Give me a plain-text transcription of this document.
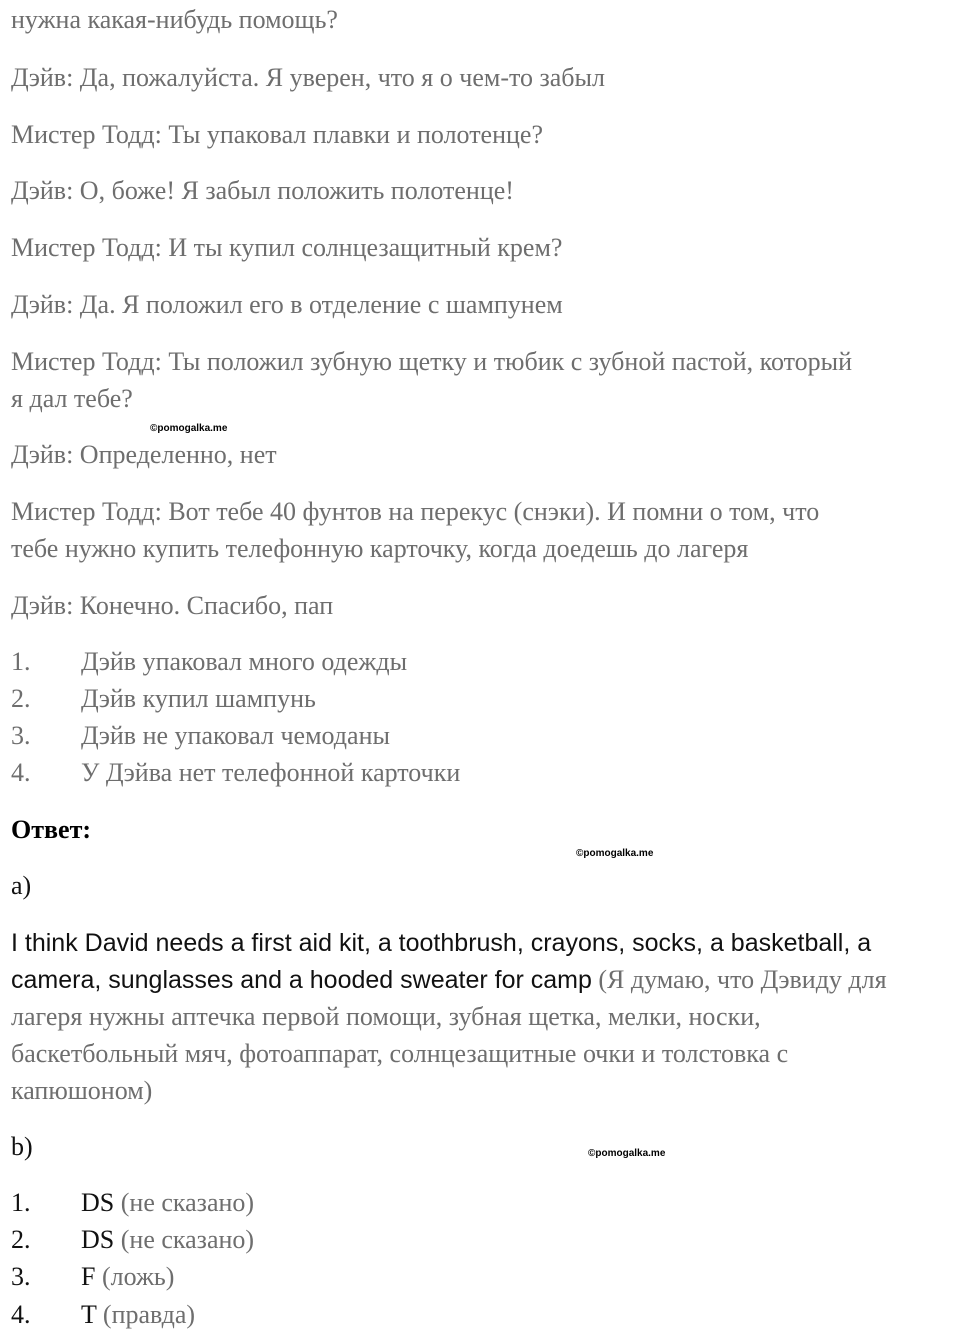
нужна какая-нибудь помощь?
Дэйв: Да, пожалуйста. Я уверен, что я о чем-то забыл
Мистер Тодд: Ты упаковал плавки и полотенце?
Дэйв: О, боже! Я забыл положить полотенце!
Мистер Тодд: И ты купил солнцезащитный крем?
Дэйв: Да. Я положил его в отделение с шампунем
Мистер Тодд: Ты положил зубную щетку и тюбик с зубной пастой, который
я дал тебе?
©pomogalka.me
Дэйв: Определенно, нет
Мистер Тодд: Вот тебе 40 фунтов на перекус (снэки). И помни о том, что
тебе нужно купить телефонную карточку, когда доедешь до лагеря
Дэйв: Конечно. Спасибо, пап
1. Дэйв упаковал много одежды
2. Дэйв купил шампунь
3. Дэйв не упаковал чемоданы
4. У Дэйва нет телефонной карточки
Ответ:
©pomogalka.me
a)
I think David needs a first aid kit, a toothbrush, crayons, socks, a basketball, a
camera, sunglasses and a hooded sweater for camp (Я думаю, что Дэвиду для
лагеря нужны аптечка первой помощи, зубная щетка, мелки, носки,
баскетбольный мяч, фотоаппарат, солнцезащитные очки и толстовка с
капюшоном)
b)	©pomogalka.me
1. DS (не сказано)
2. DS (не сказано)
3. F (ложь)
4. T (правда)
